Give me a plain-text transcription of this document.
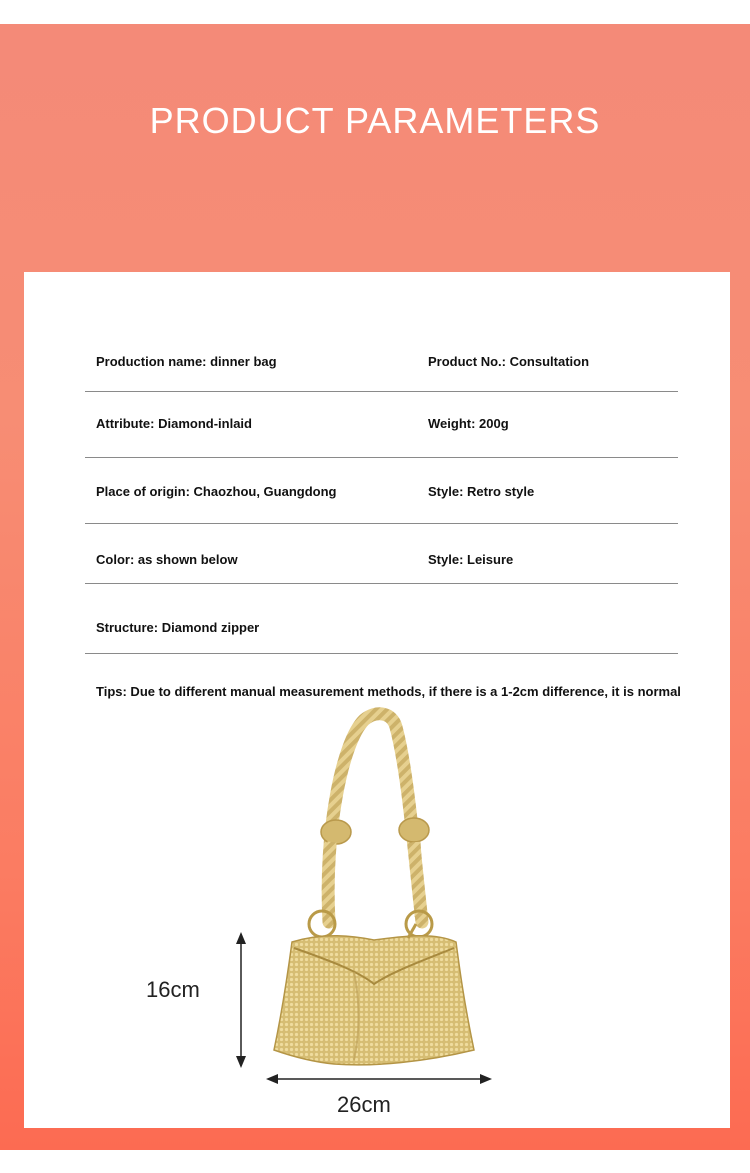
PRODUCT PARAMETERS
Production name: dinner bag	Product No.: Consultation
Attribute: Diamond-inlaid	Weight: 200g
Place of origin: Chaozhou, Guangdong	Style: Retro style
Color: as shown below	Style: Leisure
Structure: Diamond zipper
Tips: Due to different manual measurement methods, if there is a 1-2cm difference, it is normal
16cm
26cm
